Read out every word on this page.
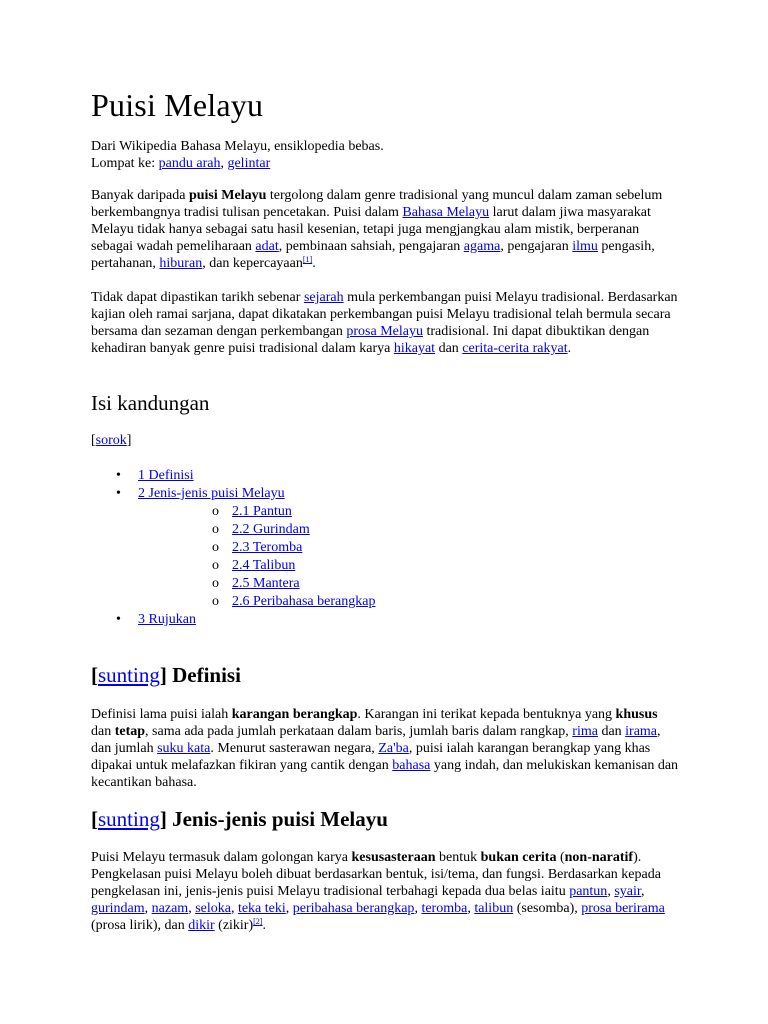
Puisi Melayu
Dari Wikipedia Bahasa Melayu, ensiklopedia bebas.
Lompat ke: pandu arah, gelintar

Banyak daripada puisi Melayu tergolong dalam genre tradisional yang muncul dalam zaman sebelum berkembangnya tradisi tulisan pencetakan. Puisi dalam Bahasa Melayu larut dalam jiwa masyarakat Melayu tidak hanya sebagai satu hasil kesenian, tetapi juga mengjangkau alam mistik, berperanan sebagai wadah pemeliharaan adat, pembinaan sahsiah, pengajaran agama, pengajaran ilmu pengasih, pertahanan, hiburan, dan kepercayaan[1].

Tidak dapat dipastikan tarikh sebenar sejarah mula perkembangan puisi Melayu tradisional. Berdasarkan kajian oleh ramai sarjana, dapat dikatakan perkembangan puisi Melayu tradisional telah bermula secara bersama dan sezaman dengan perkembangan prosa Melayu tradisional. Ini dapat dibuktikan dengan kehadiran banyak genre puisi tradisional dalam karya hikayat dan cerita-cerita rakyat.

Isi kandungan
[sorok]
• 1 Definisi
• 2 Jenis-jenis puisi Melayu
o 2.1 Pantun
o 2.2 Gurindam
o 2.3 Teromba
o 2.4 Talibun
o 2.5 Mantera
o 2.6 Peribahasa berangkap
• 3 Rujukan
[sunting] Definisi

Definisi lama puisi ialah karangan berangkap. Karangan ini terikat kepada bentuknya yang khusus dan tetap, sama ada pada jumlah perkataan dalam baris, jumlah baris dalam rangkap, rima dan irama, dan jumlah suku kata. Menurut sasterawan negara, Za'ba, puisi ialah karangan berangkap yang khas dipakai untuk melafazkan fikiran yang cantik dengan bahasa yang indah, dan melukiskan kemanisan dan kecantikan bahasa.

[sunting] Jenis-jenis puisi Melayu

Puisi Melayu termasuk dalam golongan karya kesusasteraan bentuk bukan cerita (non-naratif). Pengkelasan puisi Melayu boleh dibuat berdasarkan bentuk, isi/tema, dan fungsi. Berdasarkan kepada pengkelasan ini, jenis-jenis puisi Melayu tradisional terbahagi kepada dua belas iaitu pantun, syair, gurindam, nazam, seloka, teka teki, peribahasa berangkap, teromba, talibun (sesomba), prosa berirama (prosa lirik), dan dikir (zikir)[2].
